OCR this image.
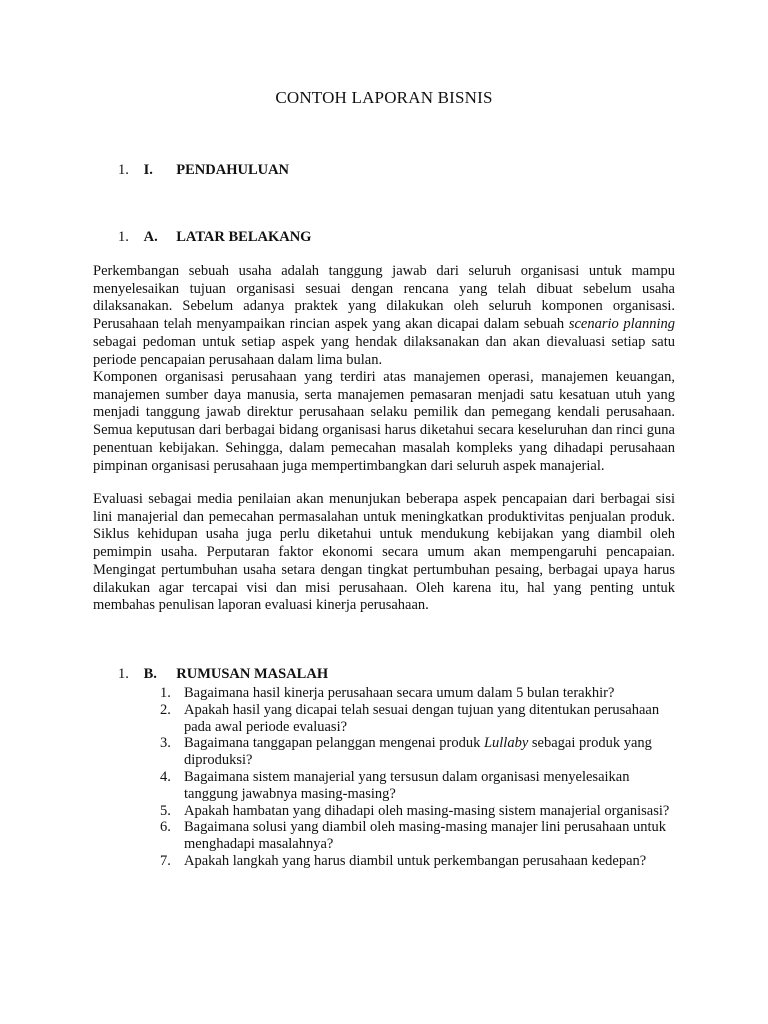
CONTOH LAPORAN BISNIS
1. I. PENDAHULUAN
1. A. LATAR BELAKANG

Perkembangan sebuah usaha adalah tanggung jawab dari seluruh organisasi untuk mampu menyelesaikan tujuan organisasi sesuai dengan rencana yang telah dibuat sebelum usaha dilaksanakan. Sebelum adanya praktek yang dilakukan oleh seluruh komponen organisasi. Perusahaan telah menyampaikan rincian aspek yang akan dicapai dalam sebuah scenario planning sebagai pedoman untuk setiap aspek yang hendak dilaksanakan dan akan dievaluasi setiap satu periode pencapaian perusahaan dalam lima bulan.

Komponen organisasi perusahaan yang terdiri atas manajemen operasi, manajemen keuangan, manajemen sumber daya manusia, serta manajemen pemasaran menjadi satu kesatuan utuh yang menjadi tanggung jawab direktur perusahaan selaku pemilik dan pemegang kendali perusahaan. Semua keputusan dari berbagai bidang organisasi harus diketahui secara keseluruhan dan rinci guna penentuan kebijakan. Sehingga, dalam pemecahan masalah kompleks yang dihadapi perusahaan pimpinan organisasi perusahaan juga mempertimbangkan dari seluruh aspek manajerial.

Evaluasi sebagai media penilaian akan menunjukan beberapa aspek pencapaian dari berbagai sisi lini manajerial dan pemecahan permasalahan untuk meningkatkan produktivitas penjualan produk. Siklus kehidupan usaha juga perlu diketahui untuk mendukung kebijakan yang diambil oleh pemimpin usaha. Perputaran faktor ekonomi secara umum akan mempengaruhi pencapaian. Mengingat pertumbuhan usaha setara dengan tingkat pertumbuhan pesaing, berbagai upaya harus dilakukan agar tercapai visi dan misi perusahaan. Oleh karena itu, hal yang penting untuk membahas penulisan laporan evaluasi kinerja perusahaan.

1. B. RUMUSAN MASALAH
1. Bagaimana hasil kinerja perusahaan secara umum dalam 5 bulan terakhir?
2. Apakah hasil yang dicapai telah sesuai dengan tujuan yang ditentukan perusahaan pada awal periode evaluasi?
3. Bagaimana tanggapan pelanggan mengenai produk Lullaby sebagai produk yang diproduksi?
4. Bagaimana sistem manajerial yang tersusun dalam organisasi menyelesaikan tanggung jawabnya masing-masing?
5. Apakah hambatan yang dihadapi oleh masing-masing sistem manajerial organisasi?
6. Bagaimana solusi yang diambil oleh masing-masing manajer lini perusahaan untuk menghadapi masalahnya?
7. Apakah langkah yang harus diambil untuk perkembangan perusahaan kedepan?
